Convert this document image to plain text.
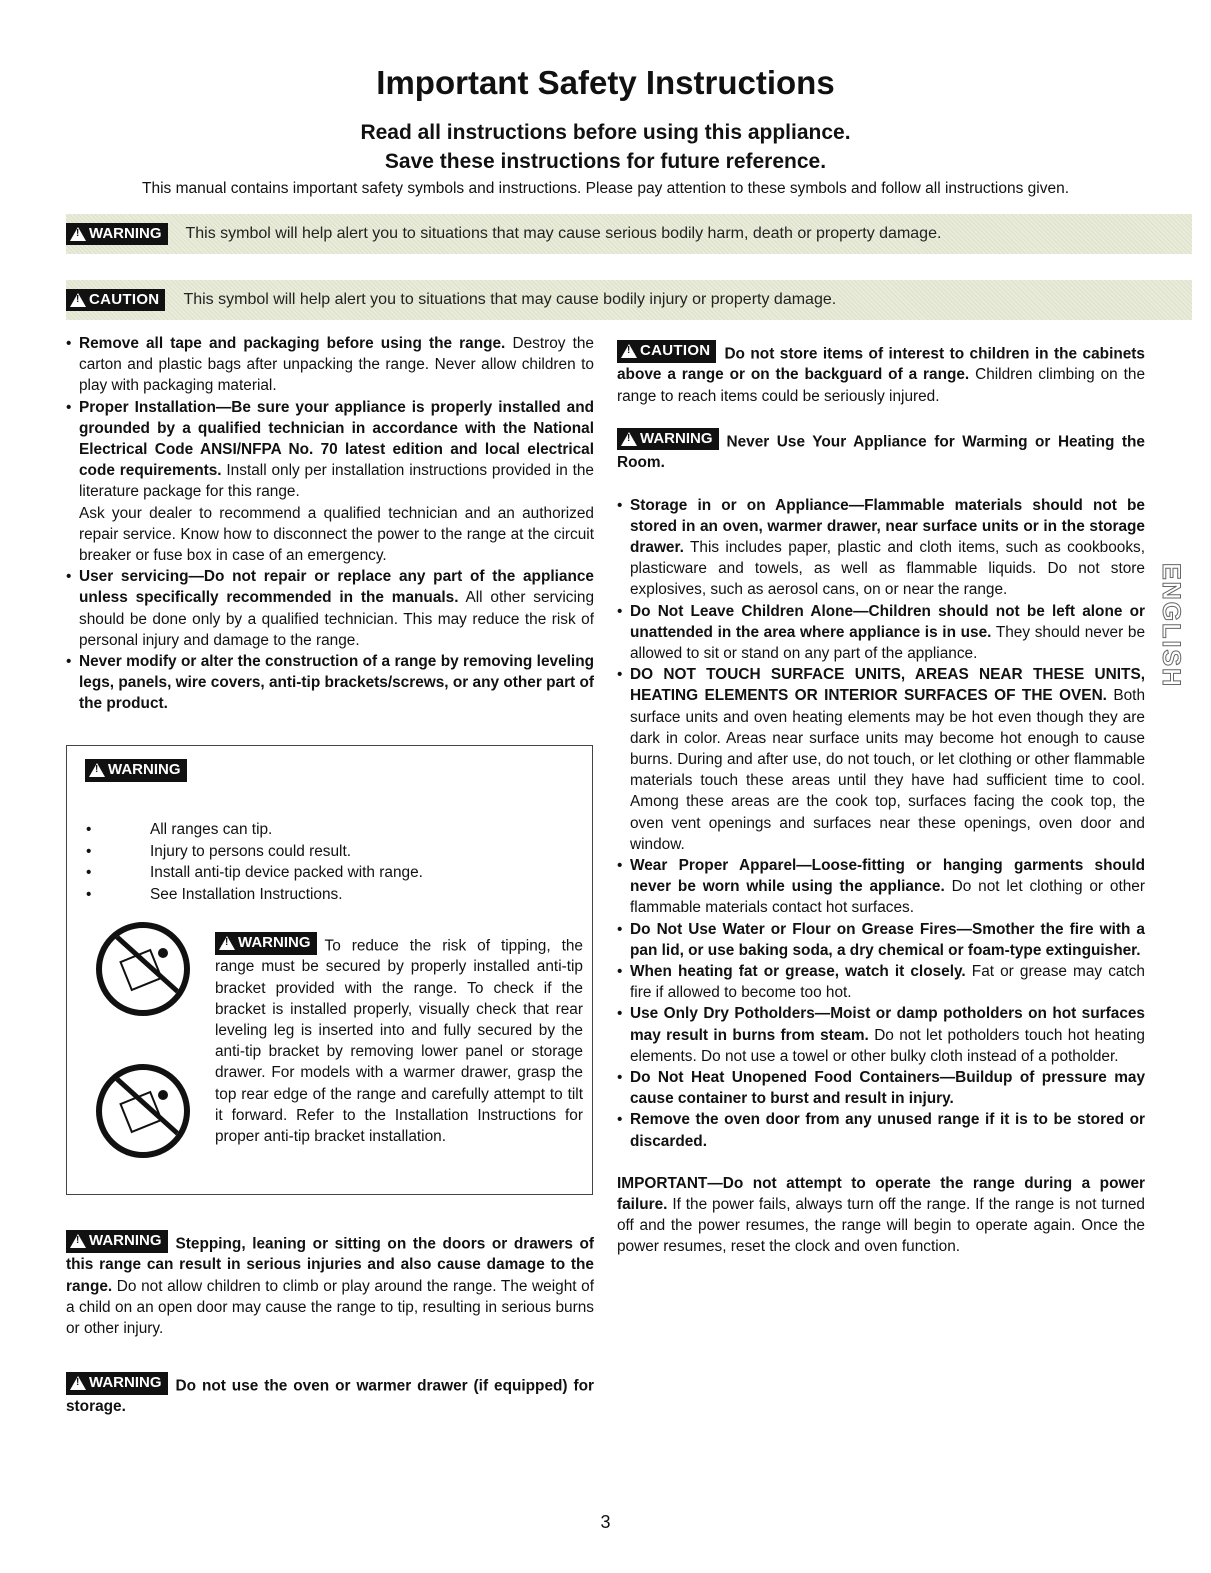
Important Safety Instructions
Read all instructions before using this appliance.
Save these instructions for future reference.
This manual contains important safety symbols and instructions. Please pay attention to these symbols and follow all instructions given.
!
WARNING This symbol will help alert you to situations that may cause serious bodily harm, death or property damage.
!
CAUTION This symbol will help alert you to situations that may cause bodily injury or property damage.

• Remove all tape and packaging before using the range. Destroy the carton and plastic bags after unpacking the range. Never allow children to play with packaging material.

• Proper Installation—Be sure your appliance is properly installed and grounded by a qualified technician in accordance with the National Electrical Code ANSI/NFPA No. 70 latest edition and local electrical code requirements. Install only per installation instructions provided in the literature package for this range.

Ask your dealer to recommend a qualified technician and an authorized repair service. Know how to disconnect the power to the range at the circuit breaker or fuse box in case of an emergency.

• User servicing—Do not repair or replace any part of the appliance unless specifically recommended in the manuals. All other servicing should be done only by a qualified technician. This may reduce the risk of personal injury and damage to the range.

• Never modify or alter the construction of a range by removing leveling legs, panels, wire covers, anti-tip brackets/screws, or any other part of the product.

!
WARNING
•	All ranges can tip.
•	Injury to persons could result.
•	Install anti-tip device packed with range.
•	See Installation Instructions.
!
WARNING To reduce the risk of tipping, the range must be secured by properly installed anti-tip bracket provided with the range. To check if the bracket is installed properly, visually check that rear leveling leg is inserted into and fully secured by the anti-tip bracket by removing lower panel or storage drawer. For models with a warmer drawer, grasp the top rear edge of the range and carefully attempt to tilt it forward. Refer to the Installation Instructions for proper anti-tip bracket installation.
!
WARNING Stepping, leaning or sitting on the doors or drawers of this range can result in serious injuries and also cause damage to the range. Do not allow children to climb or play around the range. The weight of a child on an open door may cause the range to tip, resulting in serious burns or other injury.
!
WARNING Do not use the oven or warmer drawer (if equipped) for storage.

!
CAUTION Do not store items of interest to children in the cabinets above a range or on the backguard of a range. Children climbing on the range to reach items could be seriously injured.

!
WARNING Never Use Your Appliance for Warming or Heating the Room.

• Storage in or on Appliance—Flammable materials should not be stored in an oven, warmer drawer, near surface units or in the storage drawer. This includes paper, plastic and cloth items, such as cookbooks, plasticware and towels, as well as flammable liquids. Do not store explosives, such as aerosol cans, on or near the range.

• Do Not Leave Children Alone—Children should not be left alone or unattended in the area where appliance is in use. They should never be allowed to sit or stand on any part of the appliance.

• DO NOT TOUCH SURFACE UNITS, AREAS NEAR THESE UNITS, HEATING ELEMENTS OR INTERIOR SURFACES OF THE OVEN. Both surface units and oven heating elements may be hot even though they are dark in color. Areas near surface units may become hot enough to cause burns. During and after use, do not touch, or let clothing or other flammable materials touch these areas until they have had sufficient time to cool. Among these areas are the cook top, surfaces facing the cook top, the oven vent openings and surfaces near these openings, oven door and window.

• Wear Proper Apparel—Loose-fitting or hanging garments should never be worn while using the appliance. Do not let clothing or other flammable materials contact hot surfaces.

• Do Not Use Water or Flour on Grease Fires—Smother the fire with a pan lid, or use baking soda, a dry chemical or foam-type extinguisher.

• When heating fat or grease, watch it closely. Fat or grease may catch fire if allowed to become too hot.

• Use Only Dry Potholders—Moist or damp potholders on hot surfaces may result in burns from steam. Do not let potholders touch hot heating elements. Do not use a towel or other bulky cloth instead of a potholder.

• Do Not Heat Unopened Food Containers—Buildup of pressure may cause container to burst and result in injury.

• Remove the oven door from any unused range if it is to be stored or discarded.

IMPORTANT—Do not attempt to operate the range during a power failure. If the power fails, always turn off the range. If the range is not turned off and the power resumes, the range will begin to operate again. Once the power resumes, reset the clock and oven function.

ENGLISH
3
